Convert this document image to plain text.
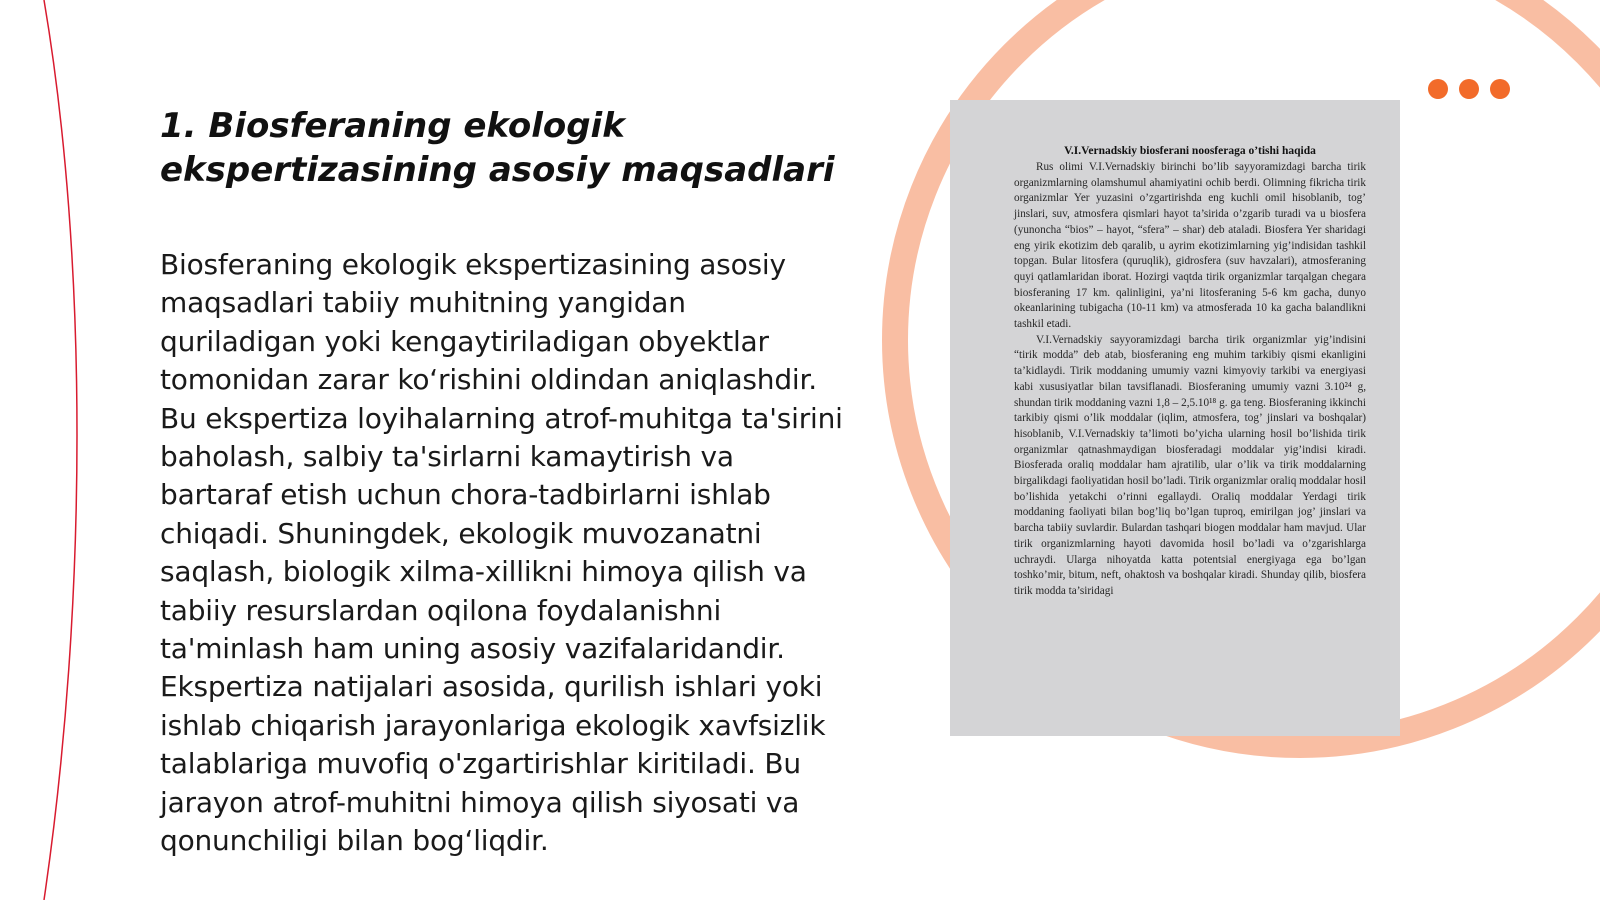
1. Biosferaning ekologik ekspertizasining asosiy maqsadlari

Biosferaning ekologik ekspertizasining asosiy maqsadlari tabiiy muhitning yangidan quriladigan yoki kengaytiriladigan obyektlar tomonidan zarar ko‘rishini oldindan aniqlashdir. Bu ekspertiza loyihalarning atrof-muhitga ta'sirini baholash, salbiy ta'sirlarni kamaytirish va bartaraf etish uchun chora-tadbirlarni ishlab chiqadi. Shuningdek, ekologik muvozanatni saqlash, biologik xilma-xillikni himoya qilish va tabiiy resurslardan oqilona foydalanishni ta'minlash ham uning asosiy vazifalaridandir. Ekspertiza natijalari asosida, qurilish ishlari yoki ishlab chiqarish jarayonlariga ekologik xavfsizlik talablariga muvofiq o'zgartirishlar kiritiladi. Bu jarayon atrof-muhitni himoya qilish siyosati va qonunchiligi bilan bog‘liqdir.

V.I.Vernadskiy biosferani noosferaga o’tishi haqida

Rus olimi V.I.Vernadskiy birinchi bo’lib sayyoramizdagi barcha tirik organizmlarning olamshumul ahamiyatini ochib berdi. Olimning fikricha tirik organizmlar Yer yuzasini o’zgartirishda eng kuchli omil hisoblanib, tog’ jinslari, suv, atmosfera qismlari hayot ta’sirida o’zgarib turadi va u biosfera (yunoncha “bios” – hayot, “sfera” – shar) deb ataladi. Biosfera Yer sharidagi eng yirik ekotizim deb qaralib, u ayrim ekotizimlarning yig’indisidan tashkil topgan. Bular litosfera (quruqlik), gidrosfera (suv havzalari), atmosferaning quyi qatlamlaridan iborat. Hozirgi vaqtda tirik organizmlar tarqalgan chegara biosferaning 17 km. qalinligini, ya’ni litosferaning 5-6 km gacha, dunyo okeanlarining tubigacha (10-11 km) va atmosferada 10 ka gacha balandlikni tashkil etadi.

V.I.Vernadskiy sayyoramizdagi barcha tirik organizmlar yig’indisini “tirik modda” deb atab, biosferaning eng muhim tarkibiy qismi ekanligini ta’kidlaydi. Tirik moddaning umumiy vazni kimyoviy tarkibi va energiyasi kabi xususiyatlar bilan tavsiflanadi. Biosferaning umumiy vazni 3.10²⁴ g, shundan tirik moddaning vazni 1,8 – 2,5.10¹⁸ g. ga teng. Biosferaning ikkinchi tarkibiy qismi o’lik moddalar (iqlim, atmosfera, tog’ jinslari va boshqalar) hisoblanib, V.I.Vernadskiy ta’limoti bo’yicha ularning hosil bo’lishida tirik organizmlar qatnashmaydigan biosferadagi moddalar yig’indisi kiradi. Biosferada oraliq moddalar ham ajratilib, ular o’lik va tirik moddalarning birgalikdagi faoliyatidan hosil bo’ladi. Tirik organizmlar oraliq moddalar hosil bo’lishida yetakchi o’rinni egallaydi. Oraliq moddalar Yerdagi tirik moddaning faoliyati bilan bog’liq bo’lgan tuproq, emirilgan jog’ jinslari va barcha tabiiy suvlardir. Bulardan tashqari biogen moddalar ham mavjud. Ular tirik organizmlarning hayoti davomida hosil bo’ladi va o’zgarishlarga uchraydi. Ularga nihoyatda katta potentsial energiyaga ega bo’lgan toshko’mir, bitum, neft, ohaktosh va boshqalar kiradi. Shunday qilib, biosfera tirik modda ta’siridagi
